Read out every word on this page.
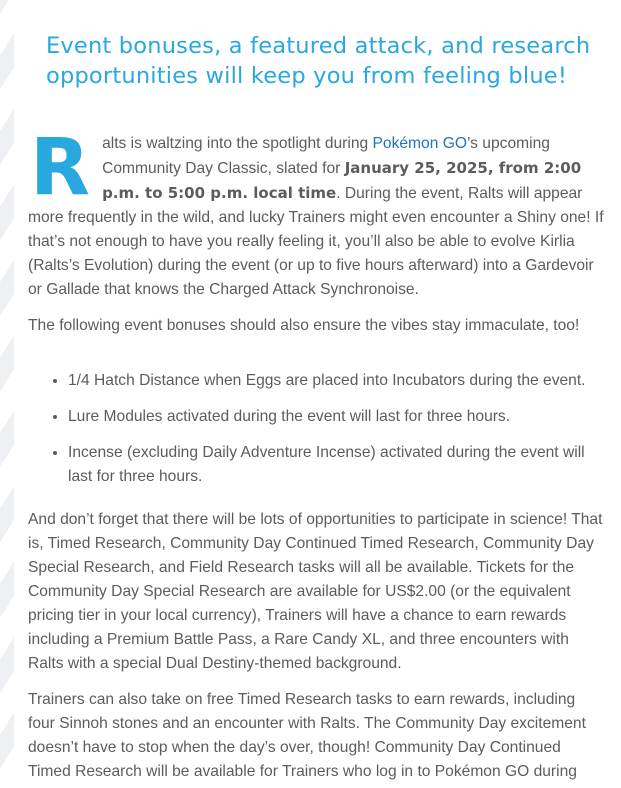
Event bonuses, a featured attack, and research opportunities will keep you from feeling blue!

Ralts is waltzing into the spotlight during Pokémon GO’s upcoming Community Day Classic, slated for January 25, 2025, from 2:00 p.m. to 5:00 p.m. local time. During the event, Ralts will appear more frequently in the wild, and lucky Trainers might even encounter a Shiny one! If that’s not enough to have you really feeling it, you’ll also be able to evolve Kirlia (Ralts’s Evolution) during the event (or up to five hours afterward) into a Gardevoir or Gallade that knows the Charged Attack Synchronoise.

The following event bonuses should also ensure the vibes stay immaculate, too!

• 1/4 Hatch Distance when Eggs are placed into Incubators during the event.
• Lure Modules activated during the event will last for three hours.
• Incense (excluding Daily Adventure Incense) activated during the event will last for three hours.

And don’t forget that there will be lots of opportunities to participate in science! That is, Timed Research, Community Day Continued Timed Research, Community Day Special Research, and Field Research tasks will all be available. Tickets for the Community Day Special Research are available for US$2.00 (or the equivalent pricing tier in your local currency), Trainers will have a chance to earn rewards including a Premium Battle Pass, a Rare Candy XL, and three encounters with Ralts with a special Dual Destiny-themed background.

Trainers can also take on free Timed Research tasks to earn rewards, including four Sinnoh stones and an encounter with Ralts. The Community Day excitement doesn’t have to stop when the day’s over, though! Community Day Continued Timed Research will be available for Trainers who log in to Pokémon GO during
